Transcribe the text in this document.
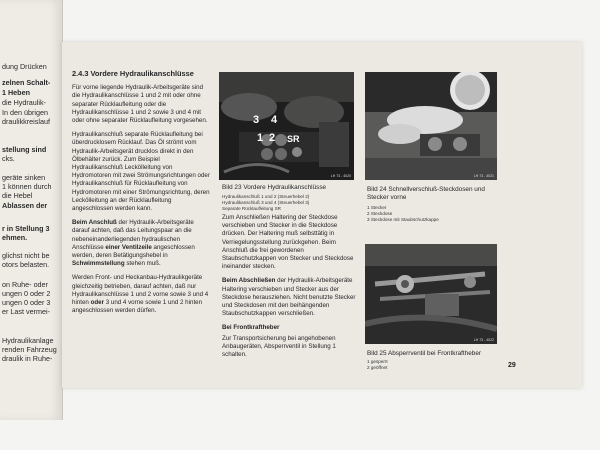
dung Drücken
zelnen Schalt-
1 Heben
die Hydraulik-
In den übrigen
draulikkreislauf
stellung sind
cks.
geräte sinken
1 können durch
die Hebel
Ablassen der
r in Stellung 3
ehmen.
glichst nicht be
otors belasten.
on Ruhe- oder
ungen 0 oder 2
ungen 0 oder 3
er Last vermei-
Hydraulikanlage
renden Fahrzeug
draulik in Ruhe-
2.4.3 Vordere Hydraulikanschlüsse

Für vorne liegende Hydraulik-Arbeitsgeräte sind die Hydraulikanschlüsse 1 und 2 mit oder ohne separater Rücklaufleitung oder die Hydraulikanschlüsse 1 und 2 sowie 3 und 4 mit oder ohne separater Rücklaufleitung vorgesehen.

Hydraulikanschluß separate Rücklaufleitung bei überdrucklosem Rücklauf. Das Öl strömt vom Hydraulik-Arbeitsgerät drucklos direkt in den Ölbehälter zurück. Zum Beispiel Hydraulikanschluß Leckölleitung von Hydromotoren mit zwei Strömungsrichtungen oder Hydraulikanschluß für Rücklaufleitung von Hydromotoren mit einer Strömungsrichtung, deren Leckölleitung an der Rücklaufleitung angeschlossen werden kann.

Beim Anschluß der Hydraulik-Arbeitsgeräte darauf achten, daß das Leitungspaar an die nebeneinanderliegenden hydraulischen Anschlüsse einer Ventilzeile angeschlossen werden, deren Betätigungshebel in Schwimmstellung stehen muß.

Werden Front- und Heckanbau-Hydraulikgeräte gleichzeitig betrieben, darauf achten, daß nur Hydraulikanschlüsse 1 und 2 vorne sowie 3 und 4 hinten oder 3 und 4 vorne sowie 1 und 2 hinten angeschlossen werden dürfen.

3 4
1 2 SR
LH 73 - 4020
Bild 23 Vordere Hydraulikanschlüsse
Hydraulikanschluß 1 und 2 (Steuerhebel 2)
Hydraulikanschluß 3 und 4 (Steuerhebel 3)
Separate Rücklaufleitung SR

Zum Anschließen Haltering der Steckdose verschieben und Stecker in die Steckdose drücken. Der Haltering muß selbsttätig in Verriegelungsstellung zurückgehen. Beim Anschluß die frei gewordenen Staubschutzkappen von Stecker und Steckdose ineinander stecken.

Beim Abschließen der Hydraulik-Arbeitsgeräte Haltering verschieben und Stecker aus der Steckdose herausziehen. Nicht benutzte Stecker und Steckdosen mit den beihängenden Staubschutzkappen verschließen.

Bei Frontkraftheber

Zur Transportsicherung bei angehobenen Anbaugeräten, Absperrventil in Stellung 1 schalten.

LH 73 - 4021
Bild 24 Schnellverschluß-Steckdosen und Stecker vorne
1 Stecker
2 Steckdose
3 Steckdose mit Staubschutzkappe
LH 73 - 4022
Bild 25 Absperrventil bei Frontkraftheber
1 gesperrt
2 geöffnet	29
